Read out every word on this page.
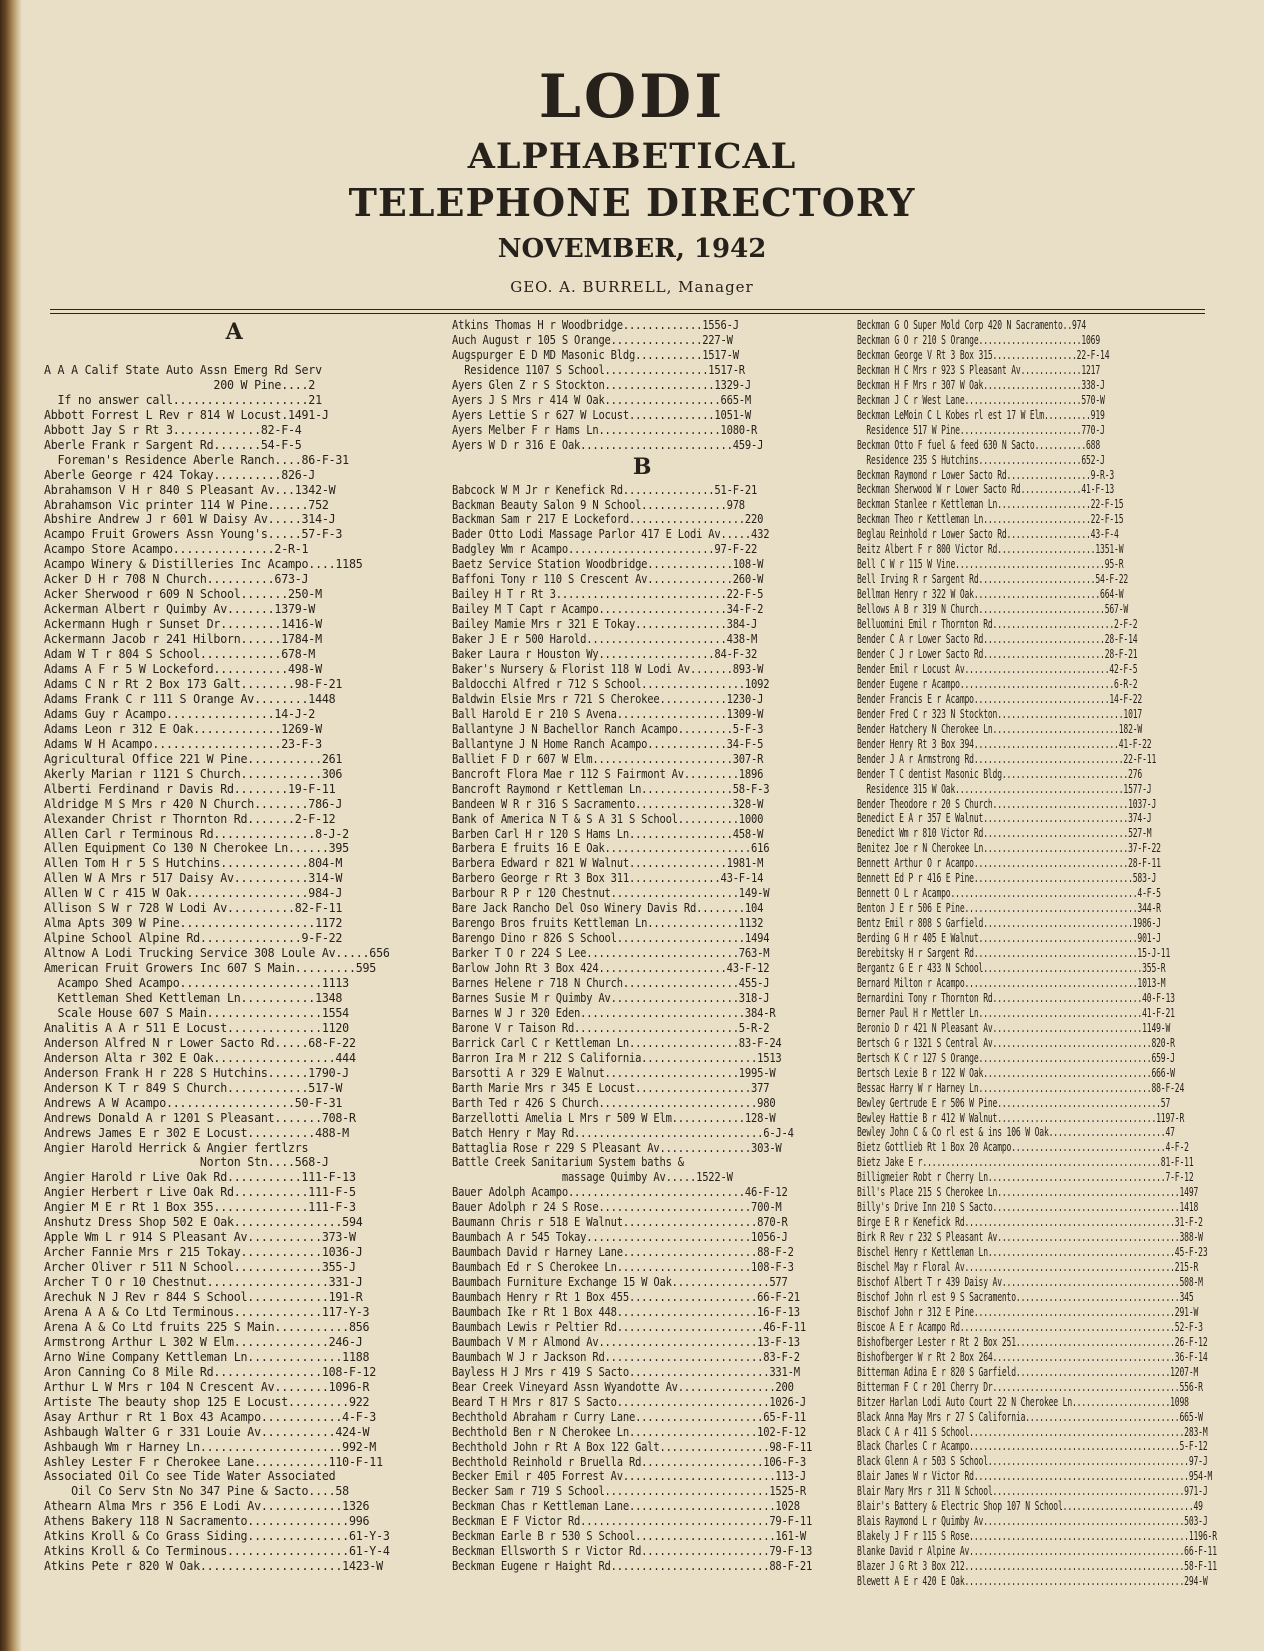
LODI
ALPHABETICAL
TELEPHONE DIRECTORY
NOVEMBER, 1942
GEO. A. BURRELL, Manager
A

A A A Calif State Auto Assn Emerg Rd Serv
200 W Pine....2
If no answer call....................21
Abbott Forrest L Rev r 814 W Locust.1491-J
Abbott Jay S r Rt 3.............82-F-4
Aberle Frank r Sargent Rd.......54-F-5
Foreman's Residence Aberle Ranch....86-F-31
Aberle George r 424 Tokay..........826-J
Abrahamson V H r 840 S Pleasant Av...1342-W
Abrahamson Vic printer 114 W Pine......752
Abshire Andrew J r 601 W Daisy Av.....314-J
Acampo Fruit Growers Assn Young's.....57-F-3
Acampo Store Acampo...............2-R-1
Acampo Winery & Distilleries Inc Acampo....1185
Acker D H r 708 N Church..........673-J
Acker Sherwood r 609 N School.......250-M
Ackerman Albert r Quimby Av.......1379-W
Ackermann Hugh r Sunset Dr.........1416-W
Ackermann Jacob r 241 Hilborn......1784-M
Adam W T r 804 S School............678-M
Adams A F r 5 W Lockeford...........498-W
Adams C N r Rt 2 Box 173 Galt........98-F-21
Adams Frank C r 111 S Orange Av........1448
Adams Guy r Acampo................14-J-2
Adams Leon r 312 E Oak.............1269-W
Adams W H Acampo...................23-F-3
Agricultural Office 221 W Pine...........261
Akerly Marian r 1121 S Church............306
Alberti Ferdinand r Davis Rd........19-F-11
Aldridge M S Mrs r 420 N Church........786-J
Alexander Christ r Thornton Rd.......2-F-12
Allen Carl r Terminous Rd...............8-J-2
Allen Equipment Co 130 N Cherokee Ln......395
Allen Tom H r 5 S Hutchins.............804-M
Allen W A Mrs r 517 Daisy Av...........314-W
Allen W C r 415 W Oak..................984-J
Allison S W r 728 W Lodi Av..........82-F-11
Alma Apts 309 W Pine....................1172
Alpine School Alpine Rd...............9-F-22
Altnow A Lodi Trucking Service 308 Loule Av.....656
American Fruit Growers Inc 607 S Main.........595
Acampo Shed Acampo.....................1113
Kettleman Shed Kettleman Ln...........1348
Scale House 607 S Main.................1554
Analitis A A r 511 E Locust..............1120
Anderson Alfred N r Lower Sacto Rd.....68-F-22
Anderson Alta r 302 E Oak..................444
Anderson Frank H r 228 S Hutchins......1790-J
Anderson K T r 849 S Church............517-W
Andrews A W Acampo...................50-F-31
Andrews Donald A r 1201 S Pleasant.......708-R
Andrews James E r 302 E Locust..........488-M
Angier Harold Herrick & Angier fertlzrs
Norton Stn....568-J
Angier Harold r Live Oak Rd...........111-F-13
Angier Herbert r Live Oak Rd...........111-F-5
Angier M E r Rt 1 Box 355..............111-F-3
Anshutz Dress Shop 502 E Oak................594
Apple Wm L r 914 S Pleasant Av...........373-W
Archer Fannie Mrs r 215 Tokay............1036-J
Archer Oliver r 511 N School.............355-J
Archer T O r 10 Chestnut..................331-J
Arechuk N J Rev r 844 S School............191-R
Arena A A & Co Ltd Terminous.............117-Y-3
Arena A & Co Ltd fruits 225 S Main...........856
Armstrong Arthur L 302 W Elm..............246-J
Arno Wine Company Kettleman Ln..............1188
Aron Canning Co 8 Mile Rd................108-F-12
Arthur L W Mrs r 104 N Crescent Av........1096-R
Artiste The beauty shop 125 E Locust.........922
Asay Arthur r Rt 1 Box 43 Acampo............4-F-3
Ashbaugh Walter G r 331 Louie Av...........424-W
Ashbaugh Wm r Harney Ln.....................992-M
Ashley Lester F r Cherokee Lane...........110-F-11
Associated Oil Co see Tide Water Associated
Oil Co Serv Stn No 347 Pine & Sacto....58
Athearn Alma Mrs r 356 E Lodi Av............1326
Athens Bakery 118 N Sacramento...............996
Atkins Kroll & Co Grass Siding...............61-Y-3
Atkins Kroll & Co Terminous..................61-Y-4
Atkins Pete r 820 W Oak.....................1423-W
Atkins Thomas H r Woodbridge.............1556-J
Auch August r 105 S Orange...............227-W
Augspurger E D MD Masonic Bldg...........1517-W
Residence 1107 S School.................1517-R
Ayers Glen Z r S Stockton..................1329-J
Ayers J S Mrs r 414 W Oak...................665-M
Ayers Lettie S r 627 W Locust..............1051-W
Ayers Melber F r Hams Ln....................1080-R
Ayers W D r 316 E Oak.........................459-J
B
Babcock W M Jr r Kenefick Rd...............51-F-21
Backman Beauty Salon 9 N School..............978
Backman Sam r 217 E Lockeford...................220
Bader Otto Lodi Massage Parlor 417 E Lodi Av.....432
Badgley Wm r Acampo........................97-F-22
Baetz Service Station Woodbridge..............108-W
Baffoni Tony r 110 S Crescent Av..............260-W
Bailey H T r Rt 3............................22-F-5
Bailey M T Capt r Acampo.....................34-F-2
Bailey Mamie Mrs r 321 E Tokay...............384-J
Baker J E r 500 Harold.......................438-M
Baker Laura r Houston Wy...................84-F-32
Baker's Nursery & Florist 118 W Lodi Av.......893-W
Baldocchi Alfred r 712 S School.................1092
Baldwin Elsie Mrs r 721 S Cherokee...........1230-J
Ball Harold E r 210 S Avena..................1309-W
Ballantyne J N Bachellor Ranch Acampo.........5-F-3
Ballantyne J N Home Ranch Acampo.............34-F-5
Balliet F D r 607 W Elm.......................307-R
Bancroft Flora Mae r 112 S Fairmont Av.........1896
Bancroft Raymond r Kettleman Ln...............58-F-3
Bandeen W R r 316 S Sacramento................328-W
Bank of America N T & S A 31 S School..........1000
Barben Carl H r 120 S Hams Ln.................458-W
Barbera E fruits 16 E Oak........................616
Barbera Edward r 821 W Walnut................1981-M
Barbero George r Rt 3 Box 311...............43-F-14
Barbour R P r 120 Chestnut.....................149-W
Bare Jack Rancho Del Oso Winery Davis Rd........104
Barengo Bros fruits Kettleman Ln...............1132
Barengo Dino r 826 S School.....................1494
Barker T O r 224 S Lee.........................763-M
Barlow John Rt 3 Box 424.....................43-F-12
Barnes Helene r 718 N Church...................455-J
Barnes Susie M r Quimby Av.....................318-J
Barnes W J r 320 Eden...........................384-R
Barone V r Taison Rd...........................5-R-2
Barrick Carl C r Kettleman Ln..................83-F-24
Barron Ira M r 212 S California...................1513
Barsotti A r 329 E Walnut......................1995-W
Barth Marie Mrs r 345 E Locust...................377
Barth Ted r 426 S Church..........................980
Barzellotti Amelia L Mrs r 509 W Elm............128-W
Batch Henry r May Rd...............................6-J-4
Battaglia Rose r 229 S Pleasant Av...............303-W
Battle Creek Sanitarium System baths &
massage Quimby Av.....1522-W
Bauer Adolph Acampo.............................46-F-12
Bauer Adolph r 24 S Rose.........................700-M
Baumann Chris r 518 E Walnut......................870-R
Baumbach A r 545 Tokay...........................1056-J
Baumbach David r Harney Lane......................88-F-2
Baumbach Ed r S Cherokee Ln......................108-F-3
Baumbach Furniture Exchange 15 W Oak................577
Baumbach Henry r Rt 1 Box 455.....................66-F-21
Baumbach Ike r Rt 1 Box 448.......................16-F-13
Baumbach Lewis r Peltier Rd........................46-F-11
Baumbach V M r Almond Av..........................13-F-13
Baumbach W J r Jackson Rd..........................83-F-2
Bayless H J Mrs r 419 S Sacto.......................331-M
Bear Creek Vineyard Assn Wyandotte Av................200
Beard T H Mrs r 817 S Sacto.........................1026-J
Bechthold Abraham r Curry Lane.....................65-F-11
Bechthold Ben r N Cherokee Ln.....................102-F-12
Bechthold John r Rt A Box 122 Galt..................98-F-11
Bechthold Reinhold r Bruella Rd....................106-F-3
Becker Emil r 405 Forrest Av.........................113-J
Becker Sam r 719 S School...........................1525-R
Beckman Chas r Kettleman Lane........................1028
Beckman E F Victor Rd...............................79-F-11
Beckman Earle B r 530 S School.......................161-W
Beckman Ellsworth S r Victor Rd.....................79-F-13
Beckman Eugene r Haight Rd..........................88-F-21
Beckman G O Super Mold Corp 420 N Sacramento..974
Beckman G O r 210 S Orange......................1069
Beckman George V Rt 3 Box 315..................22-F-14
Beckman H C Mrs r 923 S Pleasant Av.............1217
Beckman H F Mrs r 307 W Oak.....................338-J
Beckman J C r West Lane.........................570-W
Beckman LeMoin C L Kobes rl est 17 W Elm..........919
Residence 517 W Pine..........................770-J
Beckman Otto F fuel & feed 630 N Sacto...........688
Residence 235 S Hutchins......................652-J
Beckman Raymond r Lower Sacto Rd..................9-R-3
Beckman Sherwood W r Lower Sacto Rd.............41-F-13
Beckman Stanlee r Kettleman Ln....................22-F-15
Beckman Theo r Kettleman Ln.......................22-F-15
Beglau Reinhold r Lower Sacto Rd..................43-F-4
Beitz Albert F r 800 Victor Rd.....................1351-W
Bell C W r 115 W Vine................................95-R
Bell Irving R r Sargent Rd.........................54-F-22
Bellman Henry r 322 W Oak...........................664-W
Bellows A B r 319 N Church...........................567-W
Belluomini Emil r Thornton Rd..........................2-F-2
Bender C A r Lower Sacto Rd..........................28-F-14
Bender C J r Lower Sacto Rd..........................28-F-21
Bender Emil r Locust Av...............................42-F-5
Bender Eugene r Acampo.................................6-R-2
Bender Francis E r Acampo.............................14-F-22
Bender Fred C r 323 N Stockton...........................1017
Bender Hatchery N Cherokee Ln...........................182-W
Bender Henry Rt 3 Box 394...............................41-F-22
Bender J A r Armstrong Rd................................22-F-11
Bender T C dentist Masonic Bldg...........................276
Residence 315 W Oak....................................1577-J
Bender Theodore r 20 S Church.............................1037-J
Benedict E A r 357 E Walnut...............................374-J
Benedict Wm r 810 Victor Rd...............................527-M
Benitez Joe r N Cherokee Ln...............................37-F-22
Bennett Arthur O r Acampo.................................28-F-11
Bennett Ed P r 416 E Pine..................................583-J
Bennett O L r Acampo........................................4-F-5
Benton J E r 506 E Pine.....................................344-R
Bentz Emil r 808 S Garfield................................1986-J
Berding G H r 405 E Walnut..................................901-J
Berebitsky H r Sargent Rd...................................15-J-11
Bergantz G E r 433 N School..................................355-R
Bernard Milton r Acampo.....................................1013-M
Bernardini Tony r Thornton Rd................................40-F-13
Berner Paul H r Mettler Ln...................................41-F-21
Beronio D r 421 N Pleasant Av................................1149-W
Bertsch G r 1321 S Central Av..................................820-R
Bertsch K C r 127 S Orange.....................................659-J
Bertsch Lexie B r 122 W Oak....................................666-W
Bessac Harry W r Harney Ln.....................................88-F-24
Bewley Gertrude E r 506 W Pine...................................57
Bewley Hattie B r 412 W Walnut..................................1197-R
Bewley John C & Co rl est & ins 106 W Oak.........................47
Bietz Gottlieb Rt 1 Box 20 Acampo.................................4-F-2
Bietz Jake E r...................................................81-F-11
Billigmeier Robt r Cherry Ln......................................7-F-12
Bill's Place 215 S Cherokee Ln.......................................1497
Billy's Drive Inn 210 S Sacto........................................1418
Birge E R r Kenefick Rd.............................................31-F-2
Birk R Rev r 232 S Pleasant Av.......................................388-W
Bischel Henry r Kettleman Ln........................................45-F-23
Bischel May r Floral Av.............................................215-R
Bischof Albert T r 439 Daisy Av......................................508-M
Bischof John rl est 9 S Sacramento...................................345
Bischof John r 312 E Pine...........................................291-W
Biscoe A E r Acampo Rd..............................................52-F-3
Bishofberger Lester r Rt 2 Box 251..................................26-F-12
Bishofberger W r Rt 2 Box 264.......................................36-F-14
Bitterman Adina E r 820 S Garfield.................................1207-M
Bitterman F C r 201 Cherry Dr........................................556-R
Bitzer Harlan Lodi Auto Court 22 N Cherokee Ln.....................1098
Black Anna May Mrs r 27 S California.................................665-W
Black C A r 411 S School..............................................283-M
Black Charles C r Acampo.............................................5-F-12
Black Glenn A r 503 S School...........................................97-J
Blair James W r Victor Rd..............................................954-M
Blair Mary Mrs r 311 N School.........................................971-J
Blair's Battery & Electric Shop 107 N School............................49
Blais Raymond L r Quimby Av...........................................503-J
Blakely J F r 115 S Rose...............................................1196-R
Blanke David r Alpine Av..............................................66-F-11
Blazer J G Rt 3 Box 212...............................................58-F-11
Blewett A E r 420 E Oak...............................................294-W
